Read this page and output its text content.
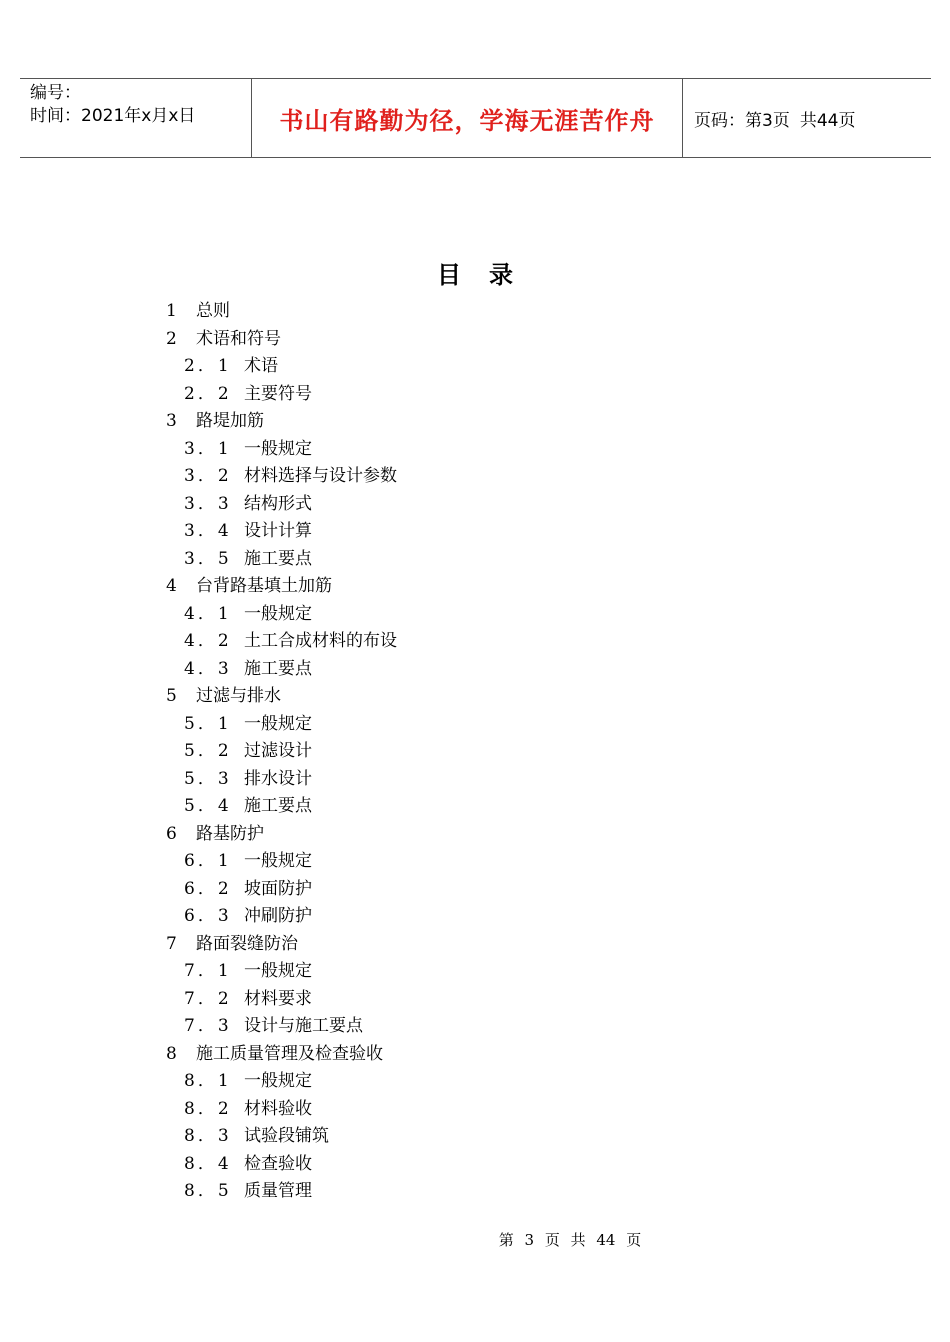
编号：
时间：2021年x月x日	书山有路勤为径，学海无涯苦作舟	页码：第3页 共44页
目录
1 总则
2 术语和符号
2．1 术语
2．2 主要符号
3 路堤加筋
3．1 一般规定
3．2 材料选择与设计参数
3．3 结构形式
3．4 设计计算
3．5 施工要点
4 台背路基填土加筋
4．1 一般规定
4．2 土工合成材料的布设
4．3 施工要点
5 过滤与排水
5．1 一般规定
5．2 过滤设计
5．3 排水设计
5．4 施工要点
6 路基防护
6．1 一般规定
6．2 坡面防护
6．3 冲刷防护
7 路面裂缝防治
7．1 一般规定
7．2 材料要求
7．3 设计与施工要点
8 施工质量管理及检查验收
8．1 一般规定
8．2 材料验收
8．3 试验段铺筑
8．4 检查验收
8．5 质量管理
第 3 页 共 44 页
